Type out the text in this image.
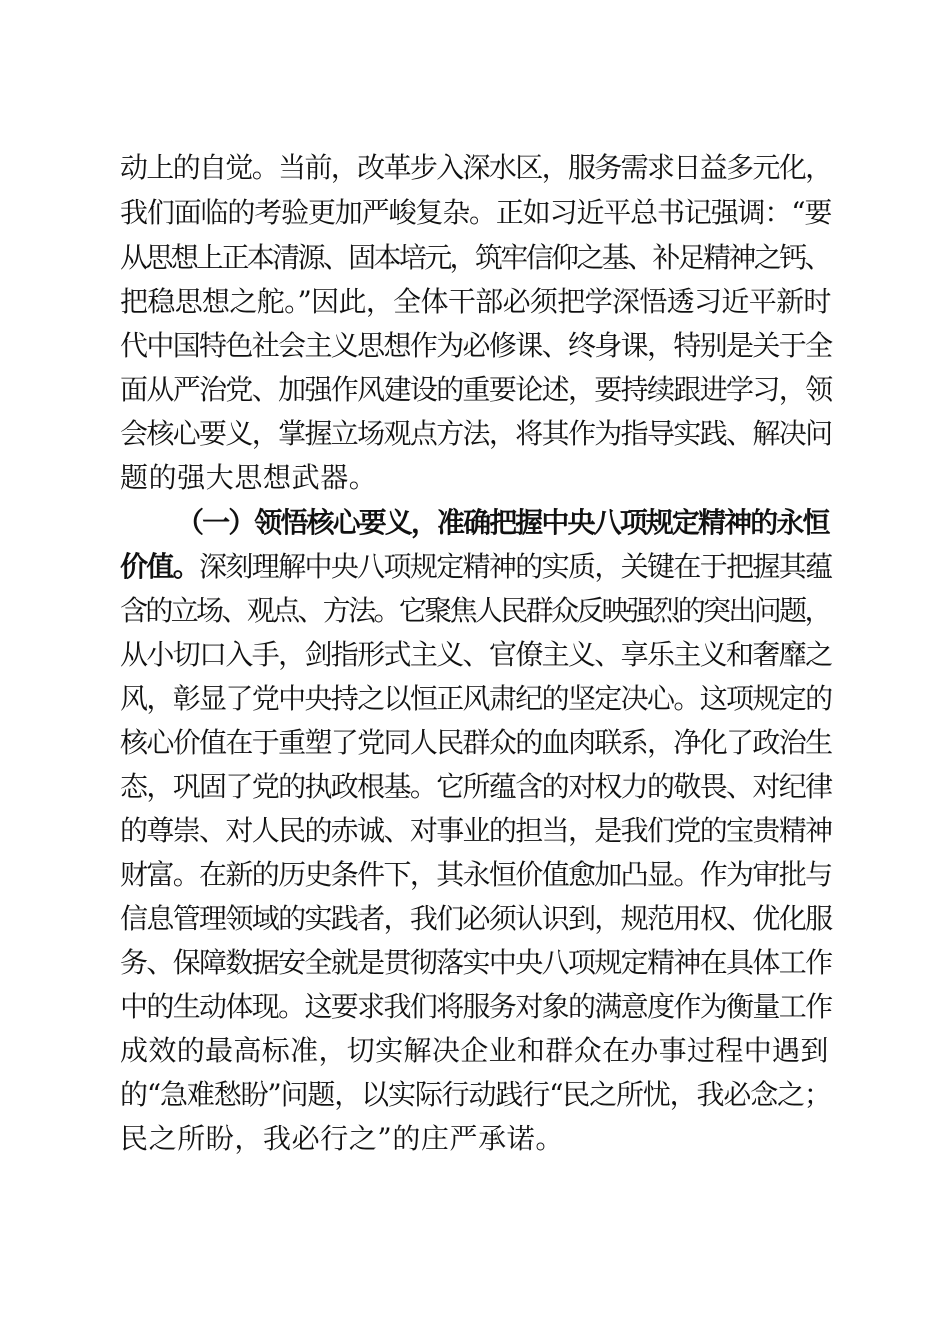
动上的自觉。当前，改革步入深水区，服务需求日益多元化，
我们面临的考验更加严峻复杂。正如习近平总书记强调：“要
从思想上正本清源、固本培元，筑牢信仰之基、补足精神之钙、
把稳思想之舵。”因此，全体干部必须把学深悟透习近平新时
代中国特色社会主义思想作为必修课、终身课，特别是关于全
面从严治党、加强作风建设的重要论述，要持续跟进学习，领
会核心要义，掌握立场观点方法，将其作为指导实践、解决问
题的强大思想武器。
（一）领悟核心要义，准确把握中央八项规定精神的永恒
价值。深刻理解中央八项规定精神的实质，关键在于把握其蕴
含的立场、观点、方法。它聚焦人民群众反映强烈的突出问题，
从小切口入手，剑指形式主义、官僚主义、享乐主义和奢靡之
风，彰显了党中央持之以恒正风肃纪的坚定决心。这项规定的
核心价值在于重塑了党同人民群众的血肉联系，净化了政治生
态，巩固了党的执政根基。它所蕴含的对权力的敬畏、对纪律
的尊崇、对人民的赤诚、对事业的担当，是我们党的宝贵精神
财富。在新的历史条件下，其永恒价值愈加凸显。作为审批与
信息管理领域的实践者，我们必须认识到，规范用权、优化服
务、保障数据安全就是贯彻落实中央八项规定精神在具体工作
中的生动体现。这要求我们将服务对象的满意度作为衡量工作
成效的最高标准，切实解决企业和群众在办事过程中遇到
的“急难愁盼”问题，以实际行动践行“民之所忧，我必念之；
民之所盼，我必行之”的庄严承诺。
